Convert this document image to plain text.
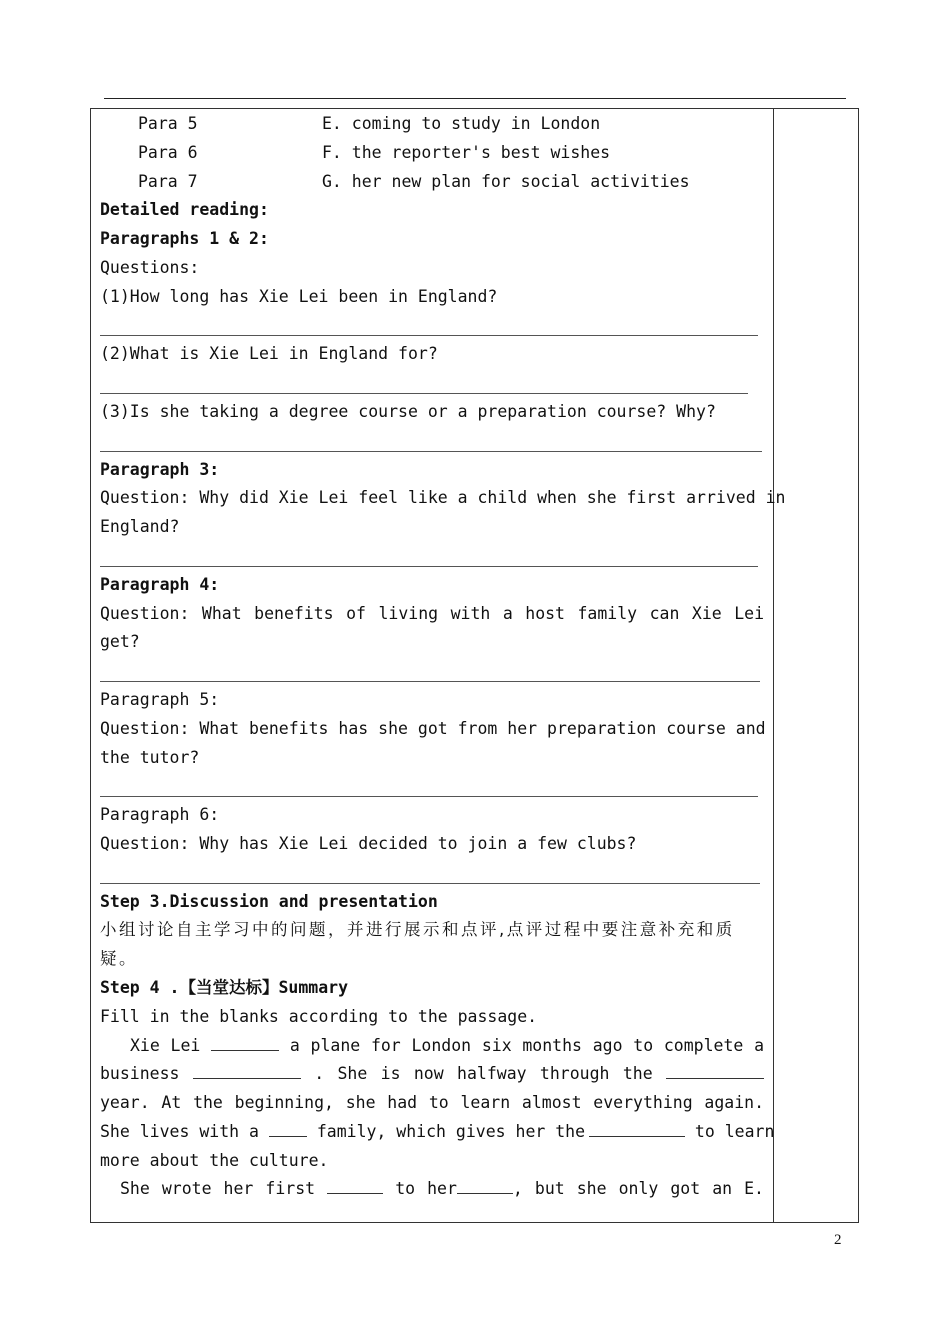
Para 5	E. coming to study in London
Para 6	F. the reporter's best wishes
Para 7	G. her new plan for social activities
Detailed reading:
Paragraphs 1 & 2:
Questions:
(1)How long has Xie Lei been in England?
(2)What is Xie Lei in England for?
(3)Is she taking a degree course or a preparation course? Why?
Paragraph 3:
Question: Why did Xie Lei feel like a child when she first arrived in
England?
Paragraph 4:
Question: What benefits of living with a host family can Xie Lei
get?
Paragraph 5:
Question: What benefits has she got from her preparation course and
the tutor?
Paragraph 6:
Question: Why has Xie Lei decided to join a few clubs?
Step 3.Discussion and presentation
小组讨论自主学习中的问题，并进行展示和点评,点评过程中要注意补充和质
疑。
Step 4 .【当堂达标】Summary
Fill in the blanks according to the passage.
Xie Lei	a plane for London six months ago to complete a
business	. She is now halfway through the
year. At the beginning, she had to learn almost everything again.
She lives with a	family, which gives her the	to learn
more about the culture.
She wrote her first	to her	, but she only got an E.
2
